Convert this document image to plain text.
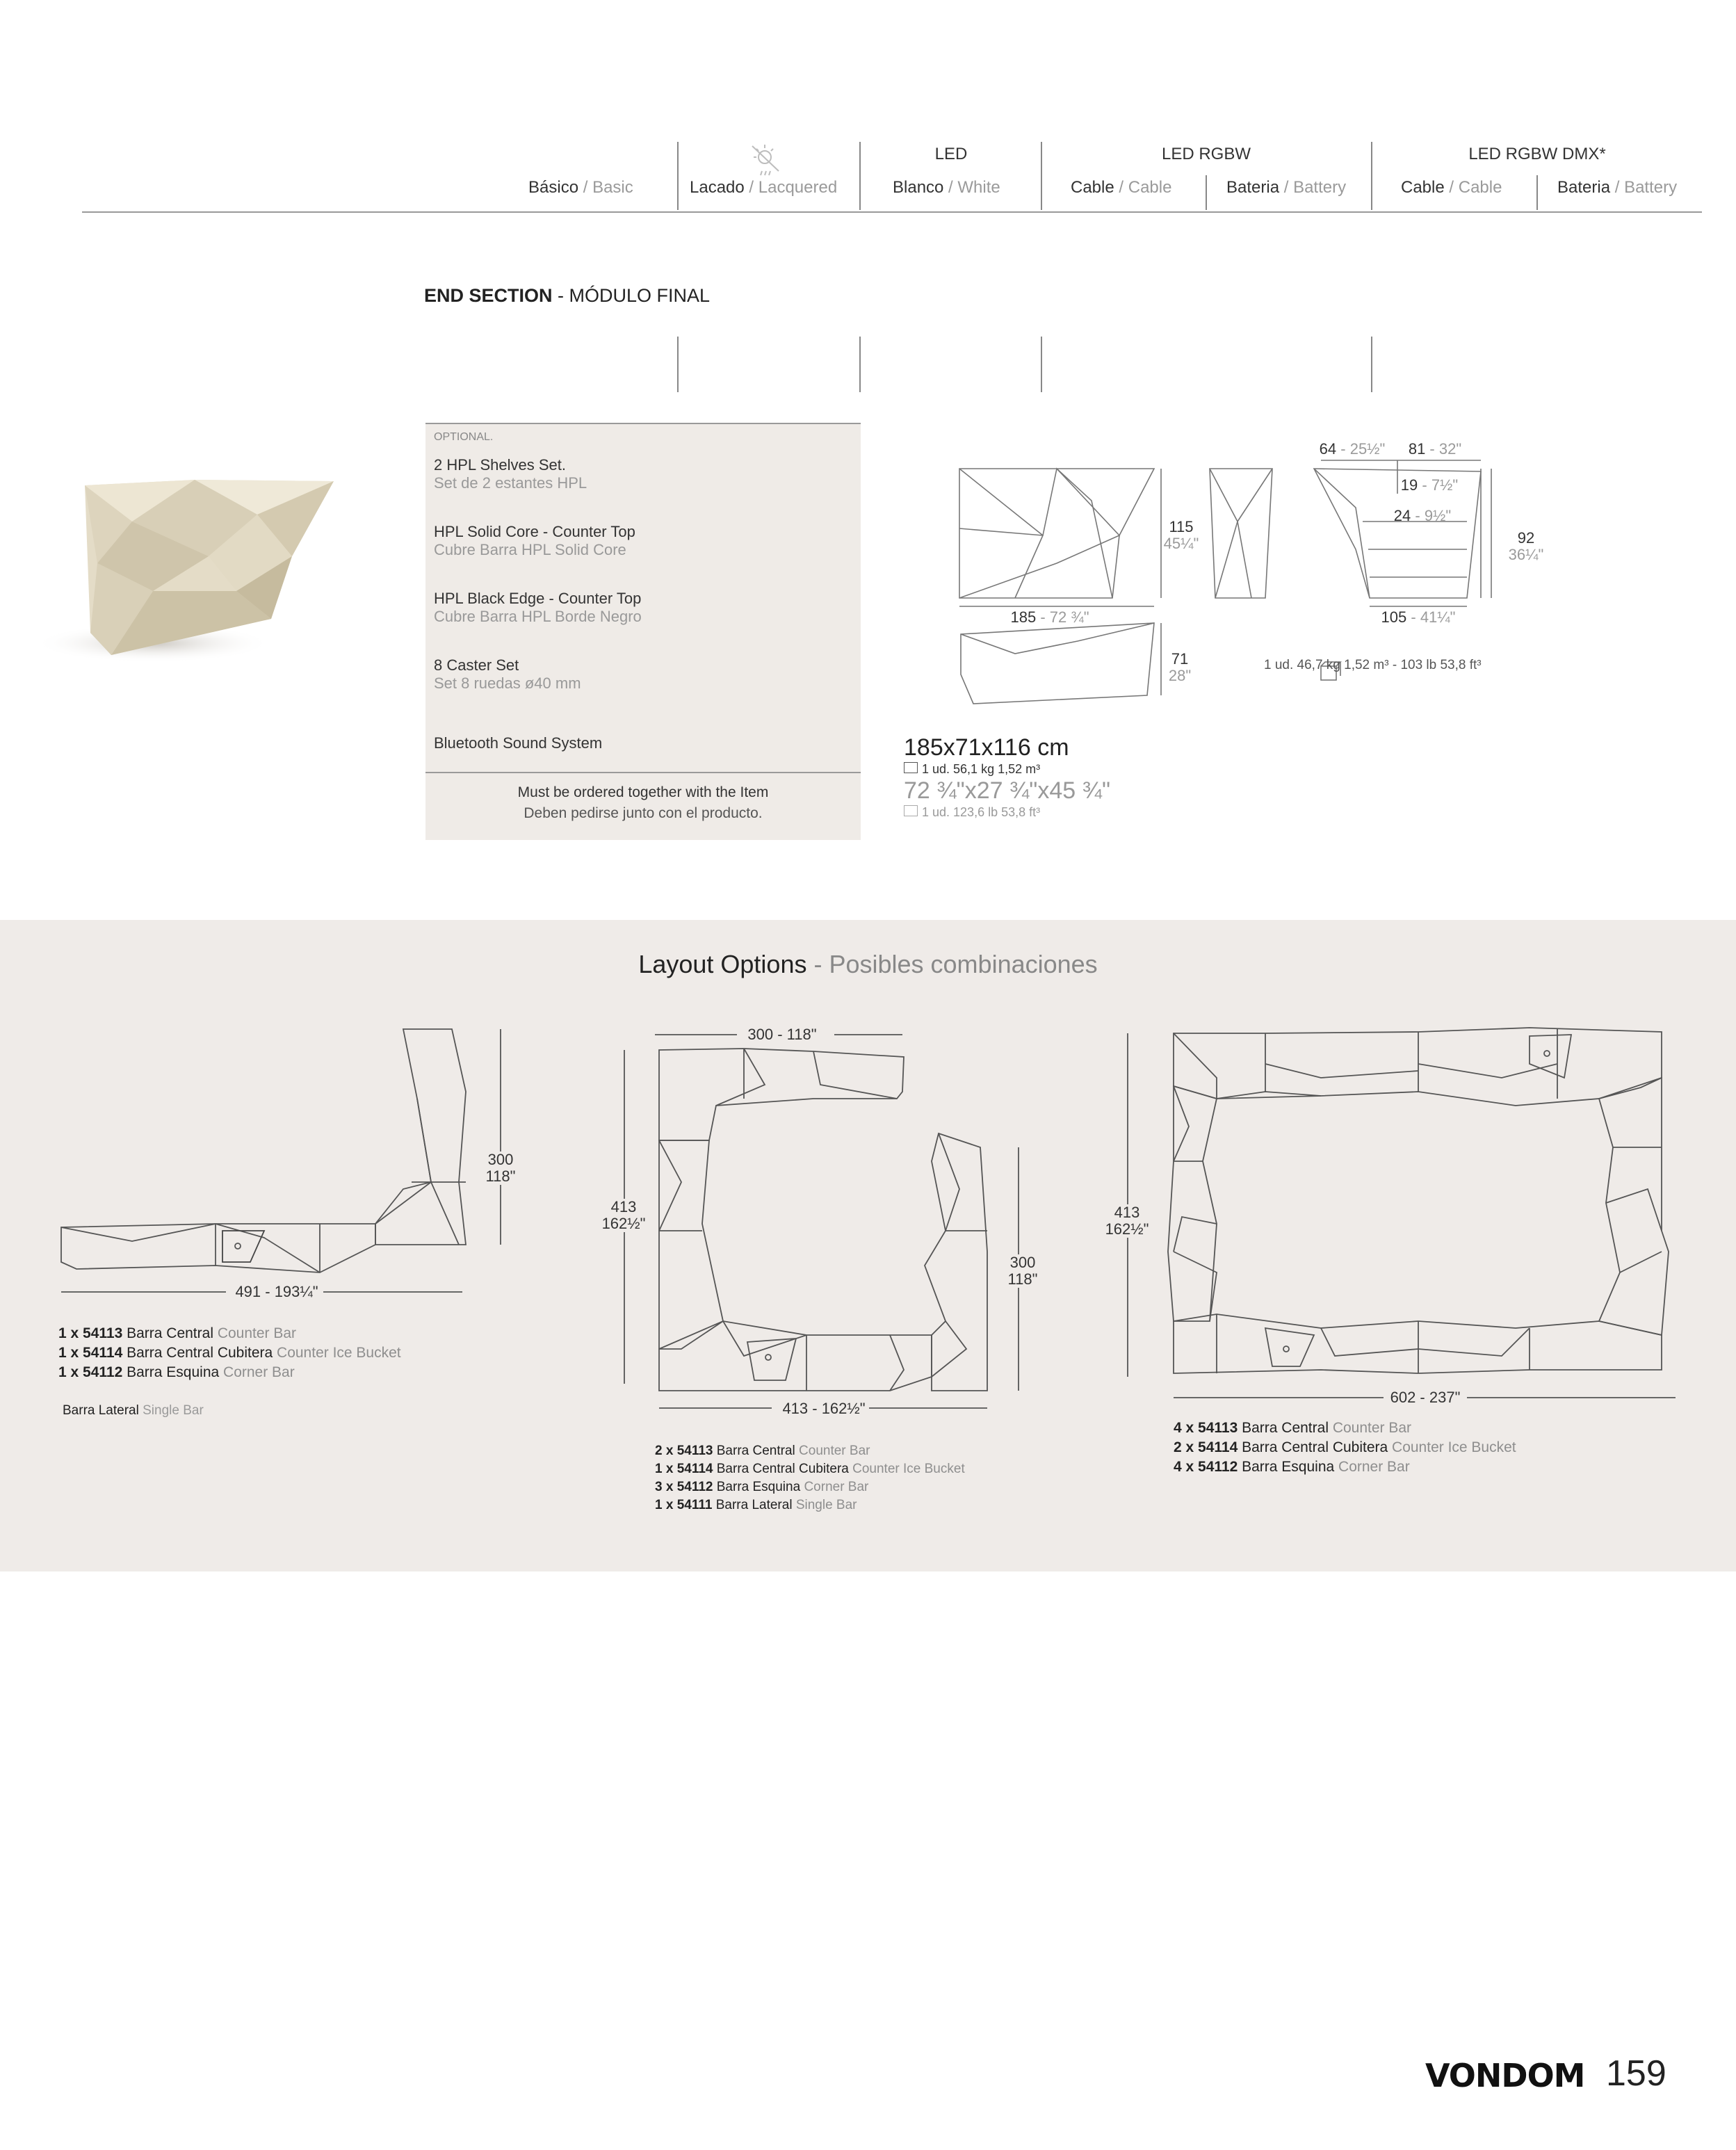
LED	LED RGBW	LED RGBW DMX*
Básico / Basic	Lacado / Lacquered	Blanco / White	Cable / Cable	Bateria / Battery	Cable / Cable	Bateria / Battery
END SECTION - MÓDULO FINAL
OPTIONAL.
2 HPL Shelves Set.
Set de 2 estantes HPL
HPL Solid Core - Counter Top
Cubre Barra HPL Solid Core
HPL Black Edge - Counter Top
Cubre Barra HPL Borde Negro
8 Caster Set
Set 8 ruedas ø40 mm
Bluetooth Sound System
Must be ordered together with the Item
Deben pedirse junto con el producto.
115
45¼"
185 - 72 ¾"
71
28"
64 - 25½"	81 - 32"
19 - 7½"
24 - 9½"
92
36¼"
105 - 41¼"
1 ud. 46,7 kg 1,52 m³ - 103 lb 53,8 ft³
185x71x116 cm
1 ud. 56,1 kg 1,52 m³
72 ¾"x27 ¾"x45 ¾"
1 ud. 123,6 lb 53,8 ft³
Layout Options - Posibles combinaciones
300
118"
491 - 193¼"
1 x 54113 Barra Central Counter Bar
1 x 54114 Barra Central Cubitera Counter Ice Bucket
1 x 54112 Barra Esquina Corner Bar
Barra Lateral Single Bar
300 - 118"
413
162½"
300
118"
413 - 162½"
2 x 54113 Barra Central Counter Bar
1 x 54114 Barra Central Cubitera Counter Ice Bucket
3 x 54112 Barra Esquina Corner Bar
1 x 54111 Barra Lateral Single Bar
413
162½"
602 - 237"
4 x 54113 Barra Central Counter Bar
2 x 54114 Barra Central Cubitera Counter Ice Bucket
4 x 54112 Barra Esquina Corner Bar
VONDOM 159
